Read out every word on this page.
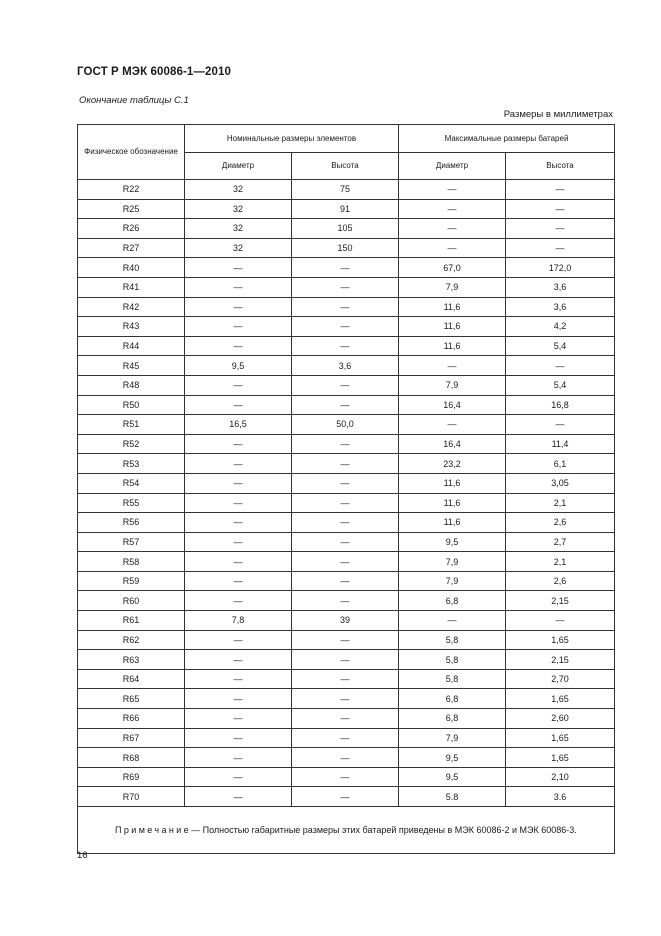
ГОСТ Р МЭК 60086-1—2010
Окончание таблицы С.1
Размеры в миллиметрах
Физическое обозначение	Номинальные размеры элементов		Максимальные размеры батарей	
	Диаметр	Высота	Диаметр	Высота
R22	32	75	—	—
R25	32	91	—	—
R26	32	105	—	—
R27	32	150	—	—
R40	—	—	67,0	172,0
R41	—	—	7,9	3,6
R42	—	—	11,6	3,6
R43	—	—	11,6	4,2
R44	—	—	11,6	5,4
R45	9,5	3,6	—	—
R48	—	—	7,9	5,4
R50	—	—	16,4	16,8
R51	16,5	50,0	—	—
R52	—	—	16,4	11,4
R53	—	—	23,2	6,1
R54	—	—	11,6	3,05
R55	—	—	11,6	2,1
R56	—	—	11,6	2,6
R57	—	—	9,5	2,7
R58	—	—	7,9	2,1
R59	—	—	7,9	2,6
R60	—	—	6,8	2,15
R61	7,8	39	—	—
R62	—	—	5,8	1,65
R63	—	—	5,8	2,15
R64	—	—	5,8	2,70
R65	—	—	6,8	1,65
R66	—	—	6,8	2,60
R67	—	—	7,9	1,65
R68	—	—	9,5	1,65
R69	—	—	9,5	2,10
R70	—	—	5.8	3.6
Примечание— Полностью габаритные размеры этих батарей приведены в МЭК 60086-2 и МЭК 60086-3.				
16
